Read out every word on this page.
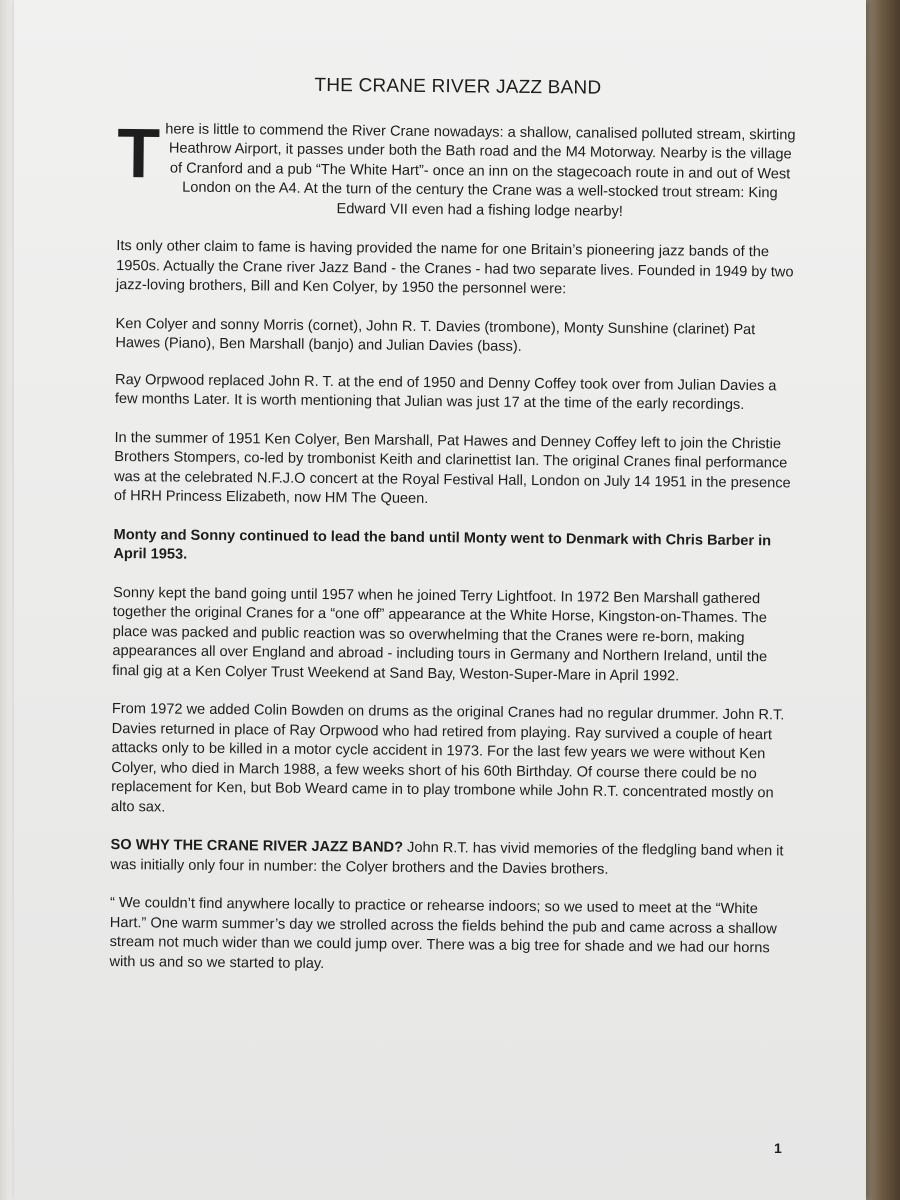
THE CRANE RIVER JAZZ BAND

T here is little to commend the River Crane nowadays: a shallow, canalised polluted stream, skirting Heathrow Airport, it passes under both the Bath road and the M4 Motorway. Nearby is the village of Cranford and a pub “The White Hart”- once an inn on the stagecoach route in and out of West London on the A4. At the turn of the century the Crane was a well-stocked trout stream: King Edward VII even had a fishing lodge nearby!

Its only other claim to fame is having provided the name for one Britain’s pioneering jazz bands of the 1950s. Actually the Crane river Jazz Band - the Cranes - had two separate lives. Founded in 1949 by two jazz-loving brothers, Bill and Ken Colyer, by 1950 the personnel were:

Ken Colyer and sonny Morris (cornet), John R. T. Davies (trombone), Monty Sunshine (clarinet) Pat Hawes (Piano), Ben Marshall (banjo) and Julian Davies (bass).

Ray Orpwood replaced John R. T. at the end of 1950 and Denny Coffey took over from Julian Davies a few months Later. It is worth mentioning that Julian was just 17 at the time of the early recordings.

In the summer of 1951 Ken Colyer, Ben Marshall, Pat Hawes and Denney Coffey left to join the Christie Brothers Stompers, co-led by trombonist Keith and clarinettist Ian. The original Cranes final performance was at the celebrated N.F.J.O concert at the Royal Festival Hall, London on July 14 1951 in the presence of HRH Princess Elizabeth, now HM The Queen.

Monty and Sonny continued to lead the band until Monty went to Denmark with Chris Barber in April 1953.

Sonny kept the band going until 1957 when he joined Terry Lightfoot. In 1972 Ben Marshall gathered together the original Cranes for a “one off” appearance at the White Horse, Kingston-on-Thames. The place was packed and public reaction was so overwhelming that the Cranes were re-born, making appearances all over England and abroad - including tours in Germany and Northern Ireland, until the final gig at a Ken Colyer Trust Weekend at Sand Bay, Weston-Super-Mare in April 1992.

From 1972 we added Colin Bowden on drums as the original Cranes had no regular drummer. John R.T. Davies returned in place of Ray Orpwood who had retired from playing. Ray survived a couple of heart attacks only to be killed in a motor cycle accident in 1973. For the last few years we were without Ken Colyer, who died in March 1988, a few weeks short of his 60th Birthday. Of course there could be no replacement for Ken, but Bob Weard came in to play trombone while John R.T. concentrated mostly on alto sax.

SO WHY THE CRANE RIVER JAZZ BAND? John R.T. has vivid memories of the fledgling band when it was initially only four in number: the Colyer brothers and the Davies brothers.

“ We couldn’t find anywhere locally to practice or rehearse indoors; so we used to meet at the “White Hart.” One warm summer’s day we strolled across the fields behind the pub and came across a shallow stream not much wider than we could jump over. There was a big tree for shade and we had our horns with us and so we started to play.

1
